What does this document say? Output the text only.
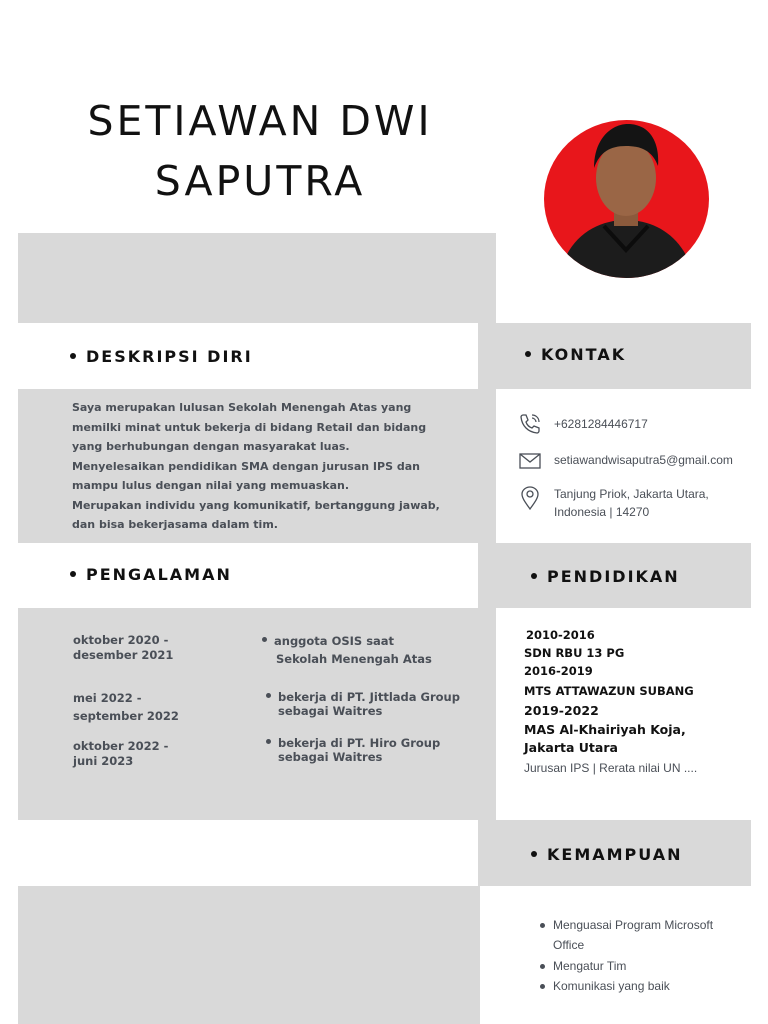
SETIAWAN DWI
SAPUTRA
DESKRIPSI DIRI
Saya merupakan lulusan Sekolah Menengah Atas yang
memilki minat untuk bekerja di bidang Retail dan bidang
yang berhubungan dengan masyarakat luas.
Menyelesaikan pendidikan SMA dengan jurusan IPS dan
mampu lulus dengan nilai yang memuaskan.
Merupakan individu yang komunikatif, bertanggung jawab,
dan bisa bekerjasama dalam tim.
PENGALAMAN
oktober 2020 -
desember 2021
anggota OSIS saat
Sekolah Menengah Atas
mei 2022 -
september 2022
bekerja di PT. Jittlada Group
sebagai Waitres
oktober 2022 -
juni 2023
bekerja di PT. Hiro Group
sebagai Waitres
KONTAK
+6281284446717
setiawandwisaputra5@gmail.com
Tanjung Priok, Jakarta Utara,
Indonesia | 14270
PENDIDIKAN
2010-2016
SDN RBU 13 PG
2016-2019
MTS ATTAWAZUN SUBANG
2019-2022
MAS Al-Khairiyah Koja,
Jakarta Utara
Jurusan IPS | Rerata nilai UN ....
KEMAMPUAN
Menguasai Program Microsoft
Office
Mengatur Tim
Komunikasi yang baik
